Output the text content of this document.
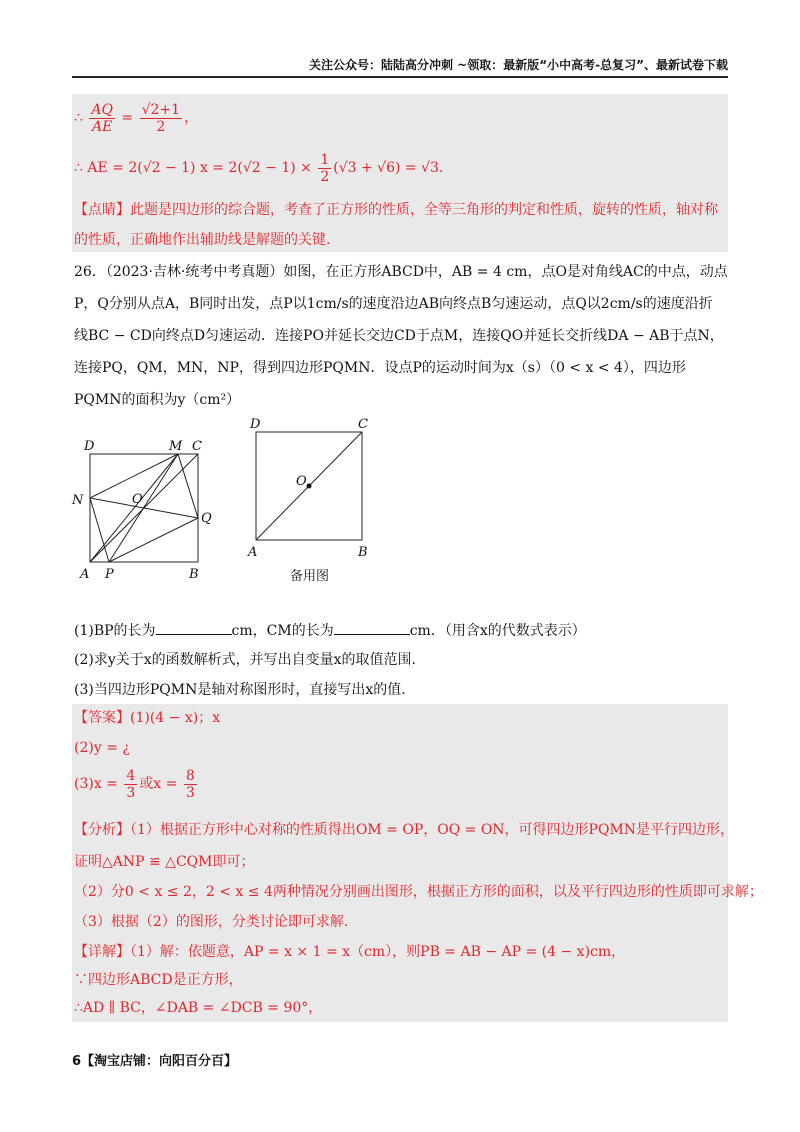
关注公众号：陆陆高分冲刺 ~领取：最新版“小中高考-总复习”、最新试卷下载
∴ $\frac{AQ}{AE} = \frac{√2+1}{2}$ ，
∴ AE = 2(√2 − 1) $x = 2(√2 - 1) \times \frac{1}{2} (√3 + √6) = √3$.
【点睛】此题是四边形的综合题，考查了正方形的性质，全等三角形的判定和性质，旋转的性质，轴对称
的性质，正确地作出辅助线是解题的关键.
26．（2023·吉林·统考中考真题）如图，在正方形ABCD中，AB = 4 cm，点O是对角线AC的中点，动点
P，Q分别从点A，B同时出发，点P以1cm/s的速度沿边AB向终点B匀速运动，点Q以2cm/s的速度沿折
线BC − CD向终点D匀速运动．连接PO并延长交边CD于点M，连接QO并延长交折线DA − AB于点N，
连接PQ，QM，MN，NP，得到四边形PQMN．设点P的运动时间为x（s）（0 < x < 4），四边形
PQMN的面积为y（cm²）
D	M C
N	O
Q
A P	B
D	C
O
A	B
备用图
(1)BP的长为	cm，CM的长为	cm．（用含x的代数式表示）
(2)求y关于x的函数解析式，并写出自变量x的取值范围.
(3)当四边形PQMN是轴对称图形时，直接写出x的值.
【答案】(1)(4 − x)；x
(2)y = ¿
$(3)x = \frac{4}{3}$ 或$x = \frac{8}{3}$
【分析】（1）根据正方形中心对称的性质得出OM = OP，OQ = ON，可得四边形PQMN是平行四边形，
证明△ANP ≌ △CQM即可；
（2）分0 < x ≤ 2，2 < x ≤ 4两种情况分别画出图形，根据正方形的面积，以及平行四边形的性质即可求解；
（3）根据（2）的图形，分类讨论即可求解.
【详解】（1）解：依题意，AP = x × 1 = x（cm），则PB = AB − AP = (4 − x)cm，
∵四边形ABCD是正方形，
∴AD ∥ BC，∠DAB = ∠DCB = 90°，
6【淘宝店铺：向阳百分百】
